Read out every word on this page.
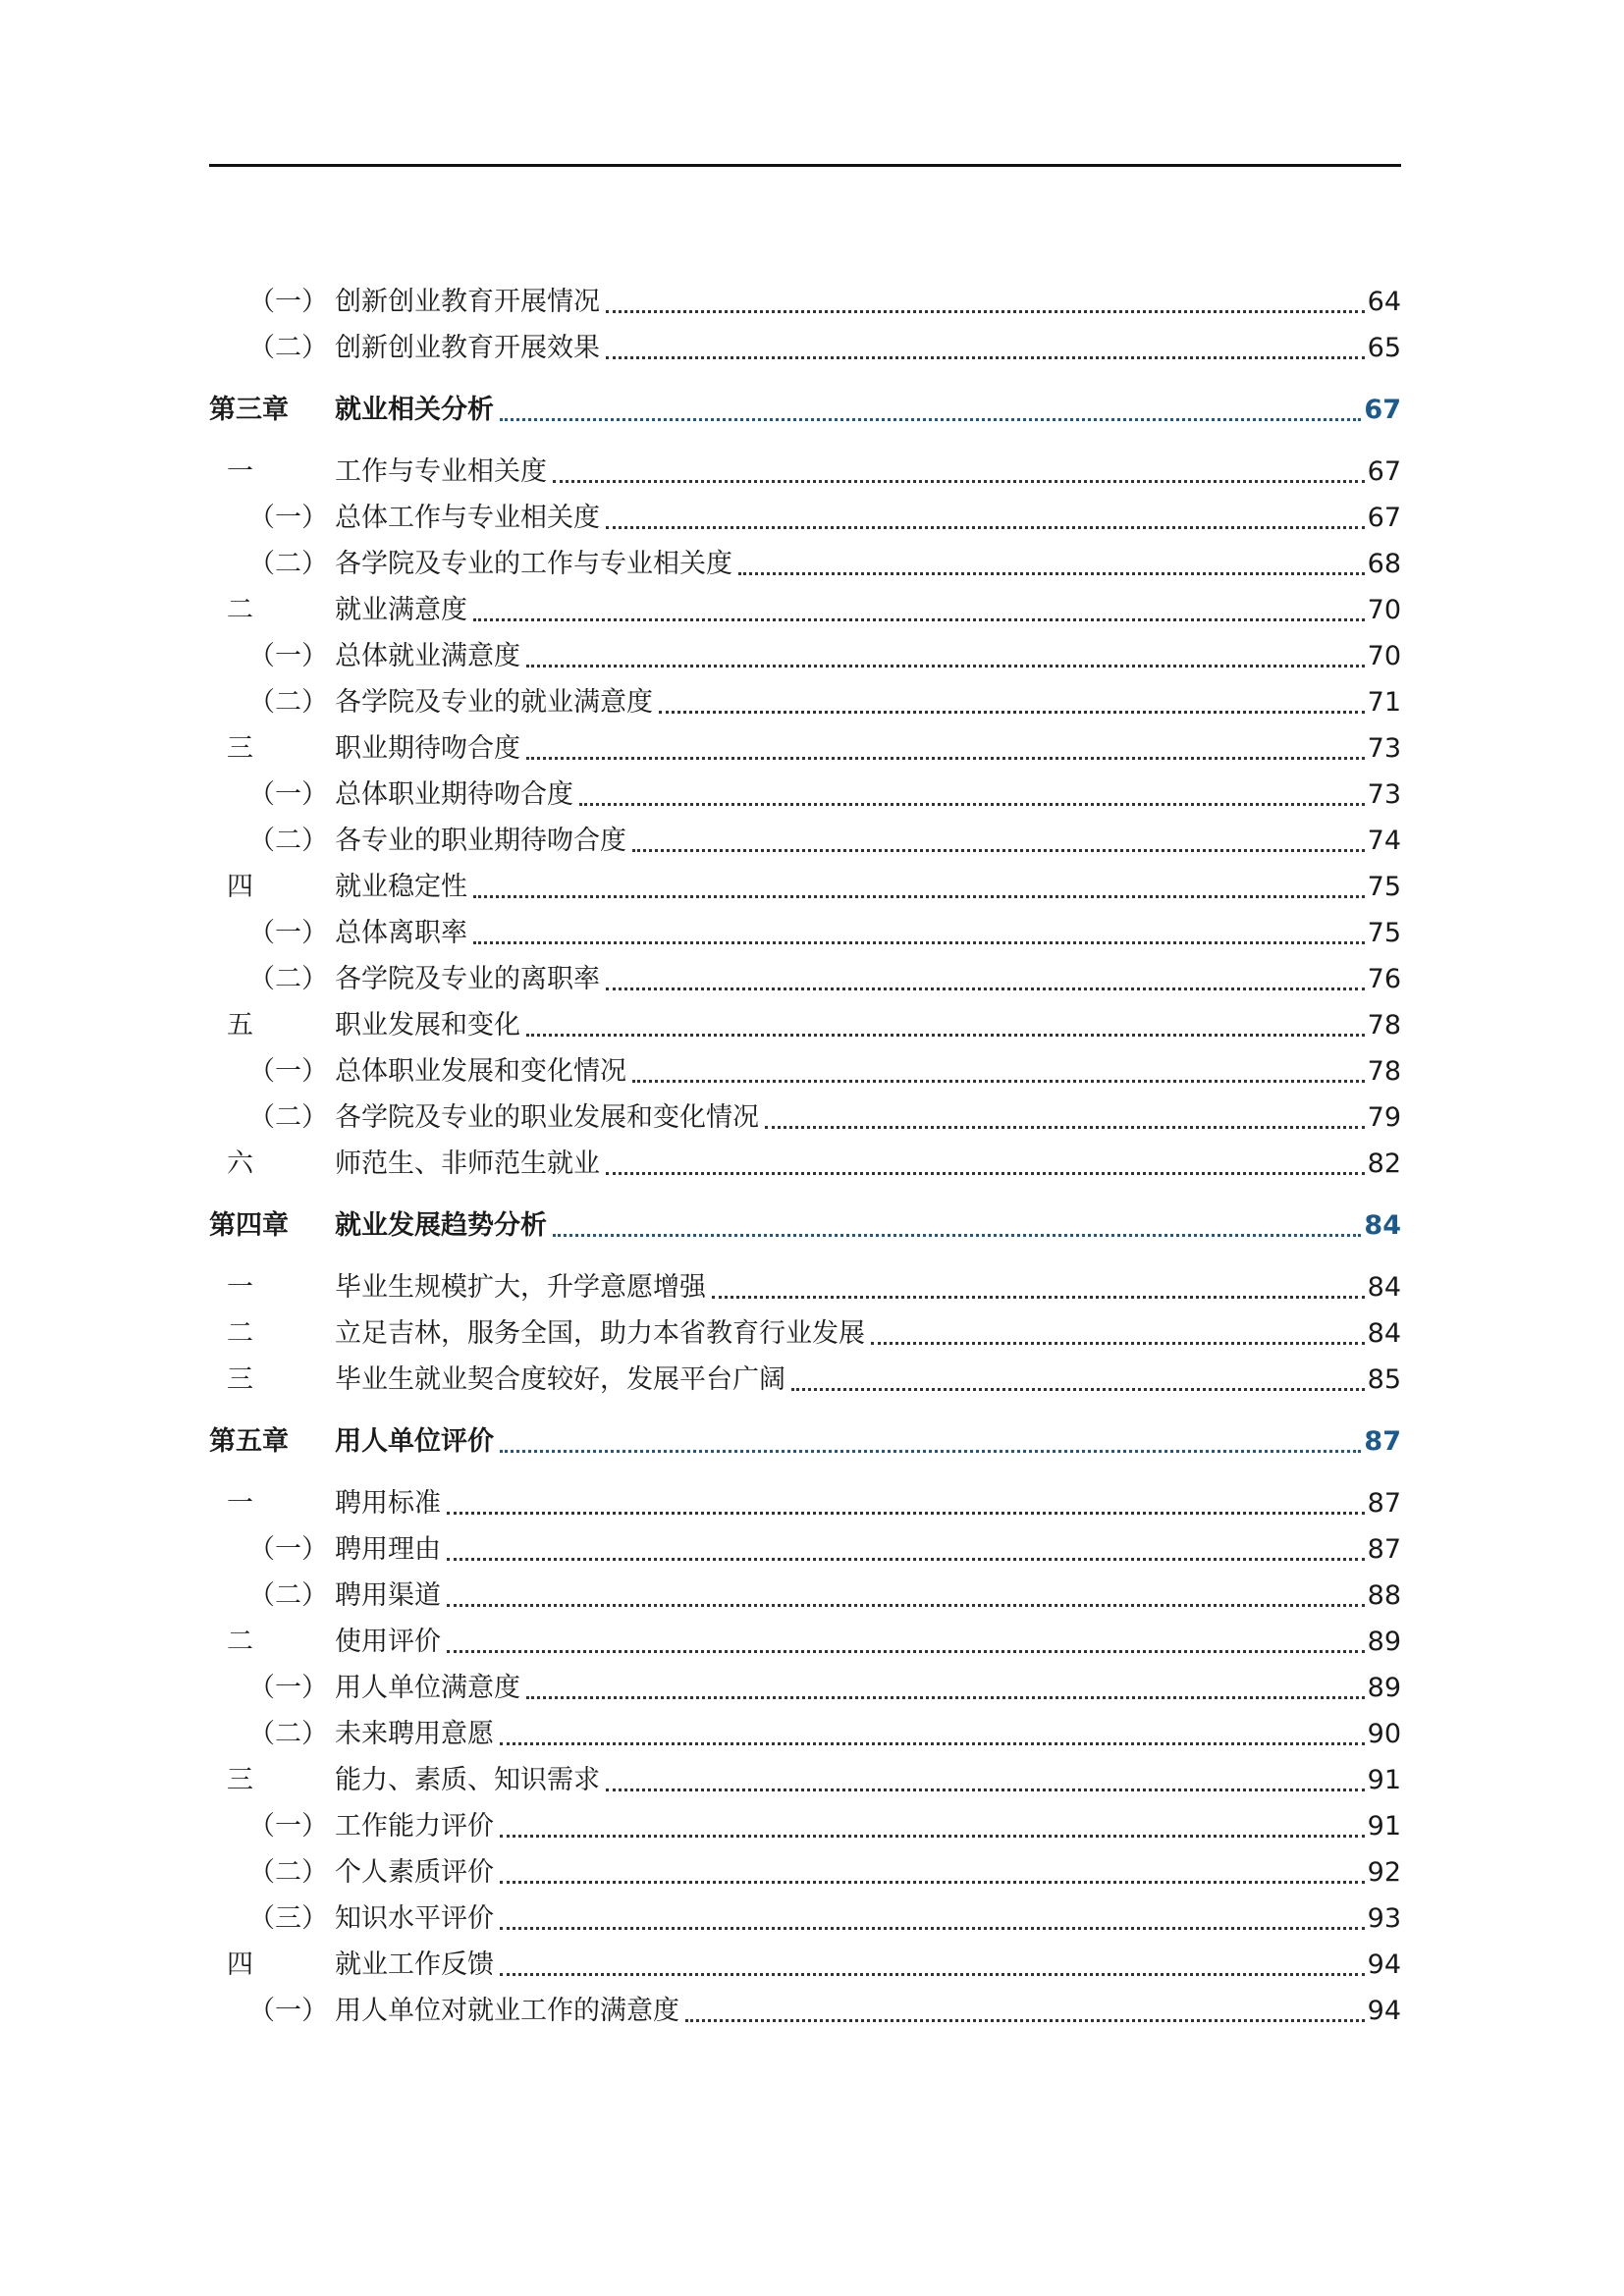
（一） 创新创业教育开展情况	64
（二） 创新创业教育开展效果	65
第三章	就业相关分析	67
一	工作与专业相关度	67
（一） 总体工作与专业相关度	67
（二） 各学院及专业的工作与专业相关度	68
二	就业满意度	70
（一） 总体就业满意度	70
（二） 各学院及专业的就业满意度	71
三	职业期待吻合度	73
（一） 总体职业期待吻合度	73
（二） 各专业的职业期待吻合度	74
四	就业稳定性	75
（一） 总体离职率	75
（二） 各学院及专业的离职率	76
五	职业发展和变化	78
（一） 总体职业发展和变化情况	78
（二） 各学院及专业的职业发展和变化情况	79
六	师范生、非师范生就业	82
第四章	就业发展趋势分析	84
一	毕业生规模扩大，升学意愿增强	84
二	立足吉林，服务全国，助力本省教育行业发展	84
三	毕业生就业契合度较好，发展平台广阔	85
第五章	用人单位评价	87
一	聘用标准	87
（一） 聘用理由	87
（二） 聘用渠道	88
二	使用评价	89
（一） 用人单位满意度	89
（二） 未来聘用意愿	90
三	能力、素质、知识需求	91
（一） 工作能力评价	91
（二） 个人素质评价	92
（三） 知识水平评价	93
四	就业工作反馈	94
（一） 用人单位对就业工作的满意度	94
